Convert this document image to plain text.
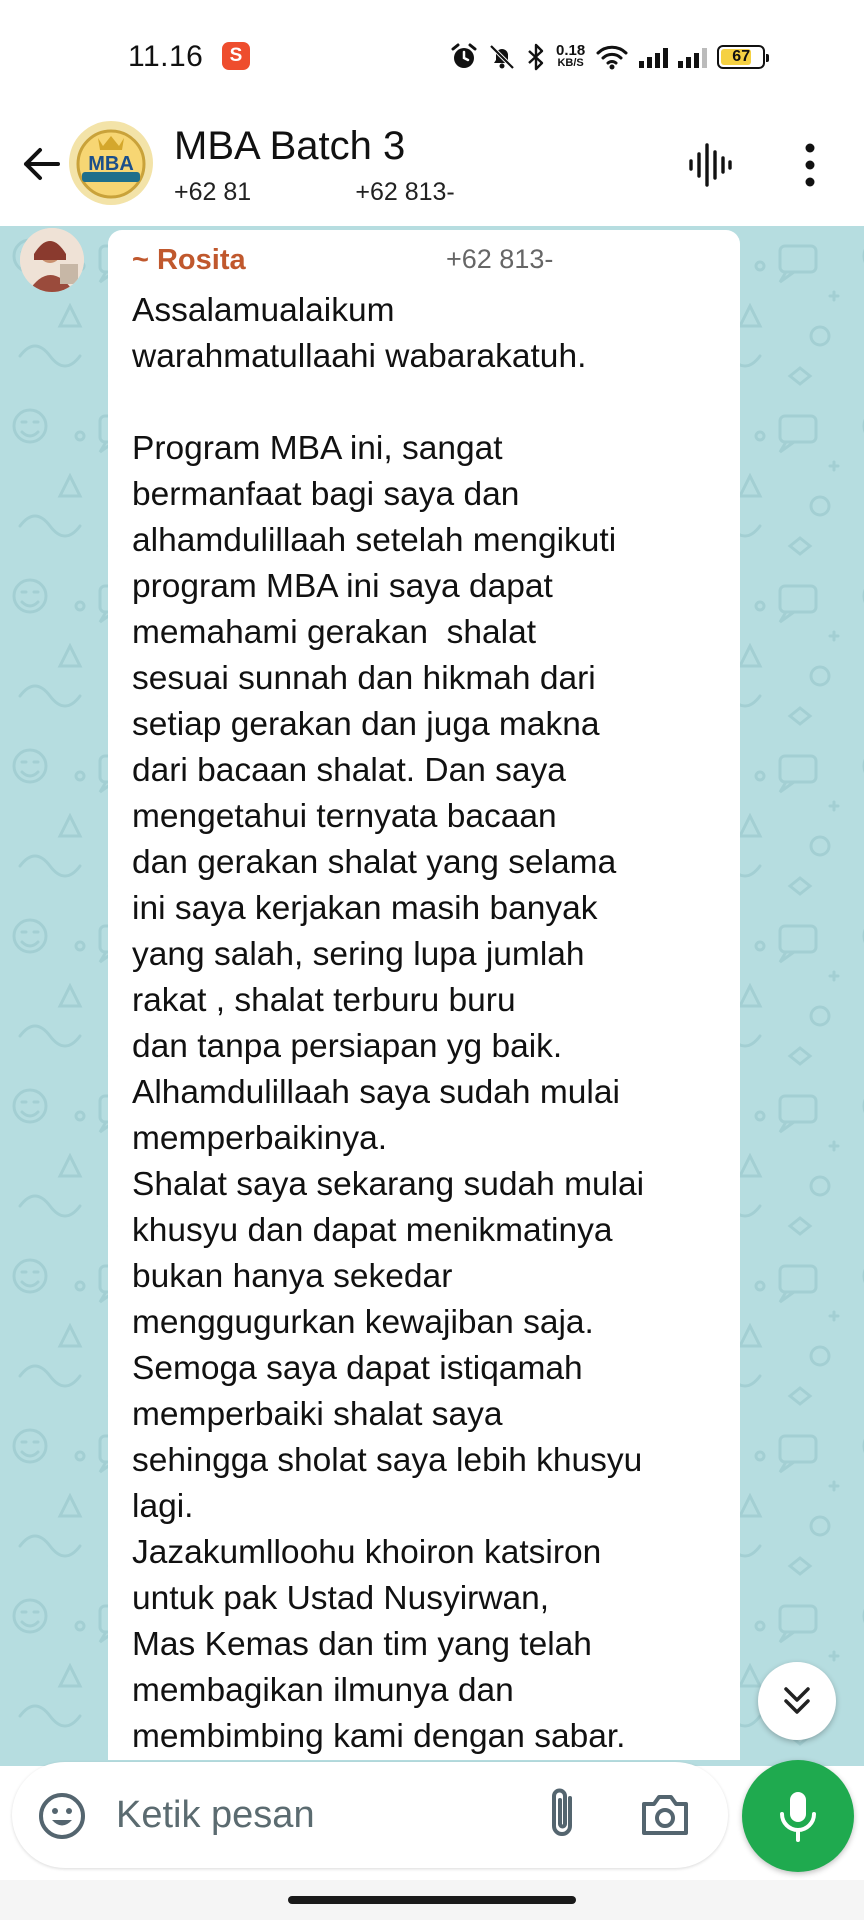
11.16	S	0.18
KB/S	67
MBA MBA Batch 3
+62 81               +62 813-
~ Rosita	+62 813-

Assalamualaikum
warahmatullaahi wabarakatuh.

Program MBA ini, sangat
bermanfaat bagi saya dan
alhamdulillaah setelah mengikuti
program MBA ini saya dapat
memahami gerakan  shalat
sesuai sunnah dan hikmah dari
setiap gerakan dan juga makna
dari bacaan shalat. Dan saya
mengetahui ternyata bacaan
dan gerakan shalat yang selama
ini saya kerjakan masih banyak
yang salah, sering lupa jumlah
rakat , shalat terburu buru
dan tanpa persiapan yg baik.
Alhamdulillaah saya sudah mulai
memperbaikinya.
Shalat saya sekarang sudah mulai
khusyu dan dapat menikmatinya
bukan hanya sekedar
menggugurkan kewajiban saja.
Semoga saya dapat istiqamah
memperbaiki shalat saya
sehingga sholat saya lebih khusyu
lagi.
Jazakumlloohu khoiron katsiron
untuk pak Ustad Nusyirwan,
Mas Kemas dan tim yang telah
membagikan ilmunya dan
membimbing kami dengan sabar.

Ketik pesan
